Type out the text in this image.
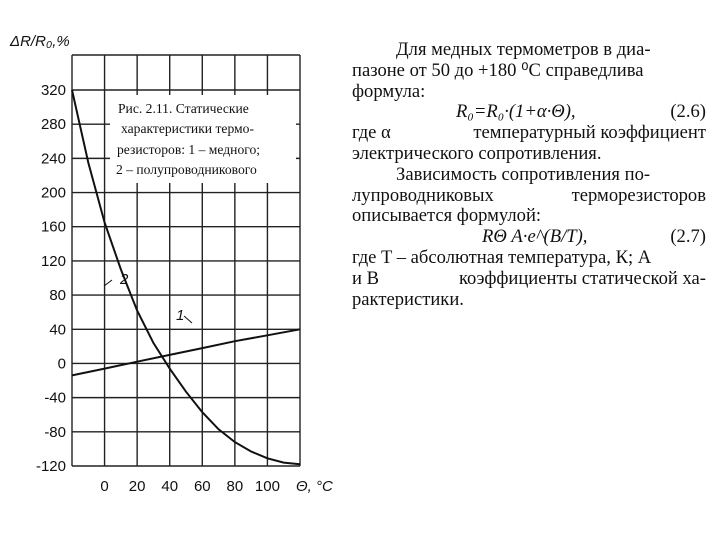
ΔR/R₀,%
Θ, °C
320
280
240
200
160
120
80
40
0
-40
-80
-120
0 20 40 60 80 100
Рис. 2.11. Статические
характеристики термо-
резисторов: 1 – медного;
2 – полупроводникового
2
1
Для медных термометров в диа-
пазоне от 50 до +180 ⁰С справедлива
формула:
R₀=R₀·(1+α·Θ),	(2.6)
где α	температурный коэффициент
электрического сопротивления.
Зависимость сопротивления по-
лупроводниковых	терморезисторов
описывается формулой:
RΘ A·e^(B/T),	(2.7)
где T – абсолютная температура, К; A
и B	коэффициенты статической ха-
рактеристики.
